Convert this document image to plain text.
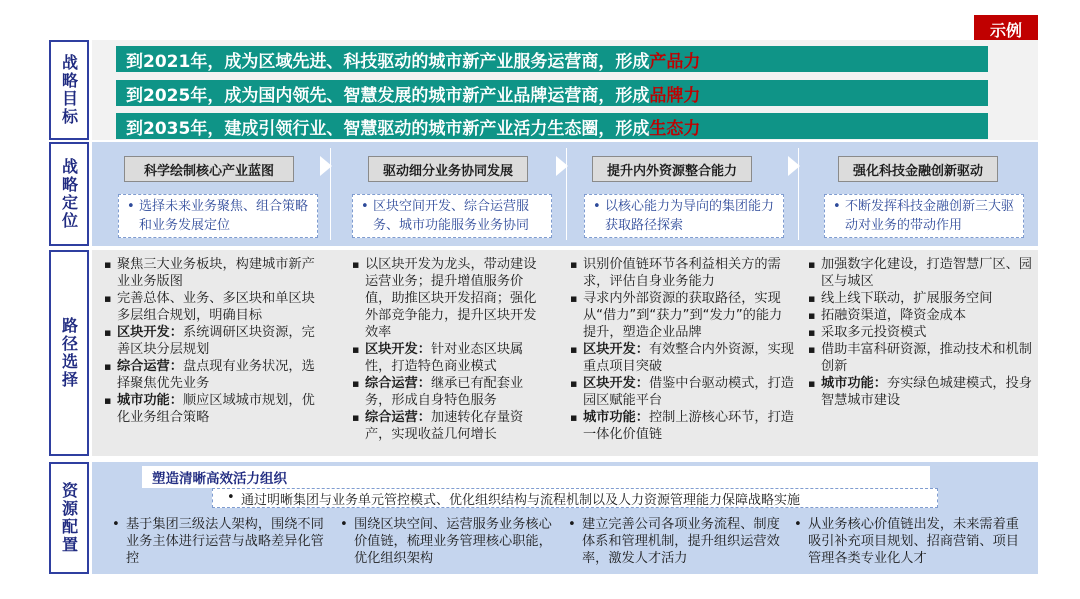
示例
战略目标
战略定位
路径选择
资源配置
到2021年，成为区域先进、科技驱动的城市新产业服务运营商，形成 产品力
到2025年，成为国内领先、智慧发展的城市新产业品牌运营商，形成 品牌力
到2035年，建成引领行业、智慧驱动的城市新产业活力生态圈，形成 生态力
科学绘制核心产业蓝图	驱动细分业务协同发展	提升内外资源整合能力	强化科技金融创新驱动
• 选择未来业务聚焦、组合策略和业务发展定位
• 区块空间开发、综合运营服务、城市功能服务业务协同
• 以核心能力为导向的集团能力获取路径探索
• 不断发挥科技金融创新三大驱动对业务的带动作用
▪ 聚焦三大业务板块，构建城市新产业业务版图
▪ 完善总体、业务、多区块和单区块多层组合规划，明确目标
▪ 区块开发：系统调研区块资源，完善区块分层规划
▪ 综合运营：盘点现有业务状况，选择聚焦优先业务
▪ 城市功能：顺应区域城市规划，优化业务组合策略
▪ 以区块开发为龙头，带动建设运营业务；提升增值服务价值，助推区块开发招商；强化外部竞争能力，提升区块开发效率
▪ 区块开发：针对业态区块属性，打造特色商业模式
▪ 综合运营：继承已有配套业务，形成自身特色服务
▪ 综合运营：加速转化存量资产，实现收益几何增长
▪ 识别价值链环节各利益相关方的需求，评估自身业务能力
▪ 寻求内外部资源的获取路径，实现从“借力”到“获力”到“发力”的能力提升，塑造企业品牌
▪ 区块开发：有效整合内外资源，实现重点项目突破
▪ 区块开发：借鉴中台驱动模式，打造园区赋能平台
▪ 城市功能：控制上游核心环节，打造一体化价值链
▪ 加强数字化建设，打造智慧厂区、园区与城区
▪ 线上线下联动，扩展服务空间
▪ 拓融资渠道，降资金成本
▪ 采取多元投资模式
▪ 借助丰富科研资源，推动技术和机制创新
▪ 城市功能：夯实绿色城建模式，投身智慧城市建设
塑造清晰高效活力组织
• 通过明晰集团与业务单元管控模式、优化组织结构与流程机制以及人力资源管理能力保障战略实施
• 基于集团三级法人架构，围绕不同业务主体进行运营与战略差异化管控
• 围绕区块空间、运营服务业务核心价值链，梳理业务管理核心职能，优化组织架构
• 建立完善公司各项业务流程、制度体系和管理机制，提升组织运营效率，激发人才活力
• 从业务核心价值链出发，未来需着重吸引补充项目规划、招商营销、项目管理各类专业化人才
